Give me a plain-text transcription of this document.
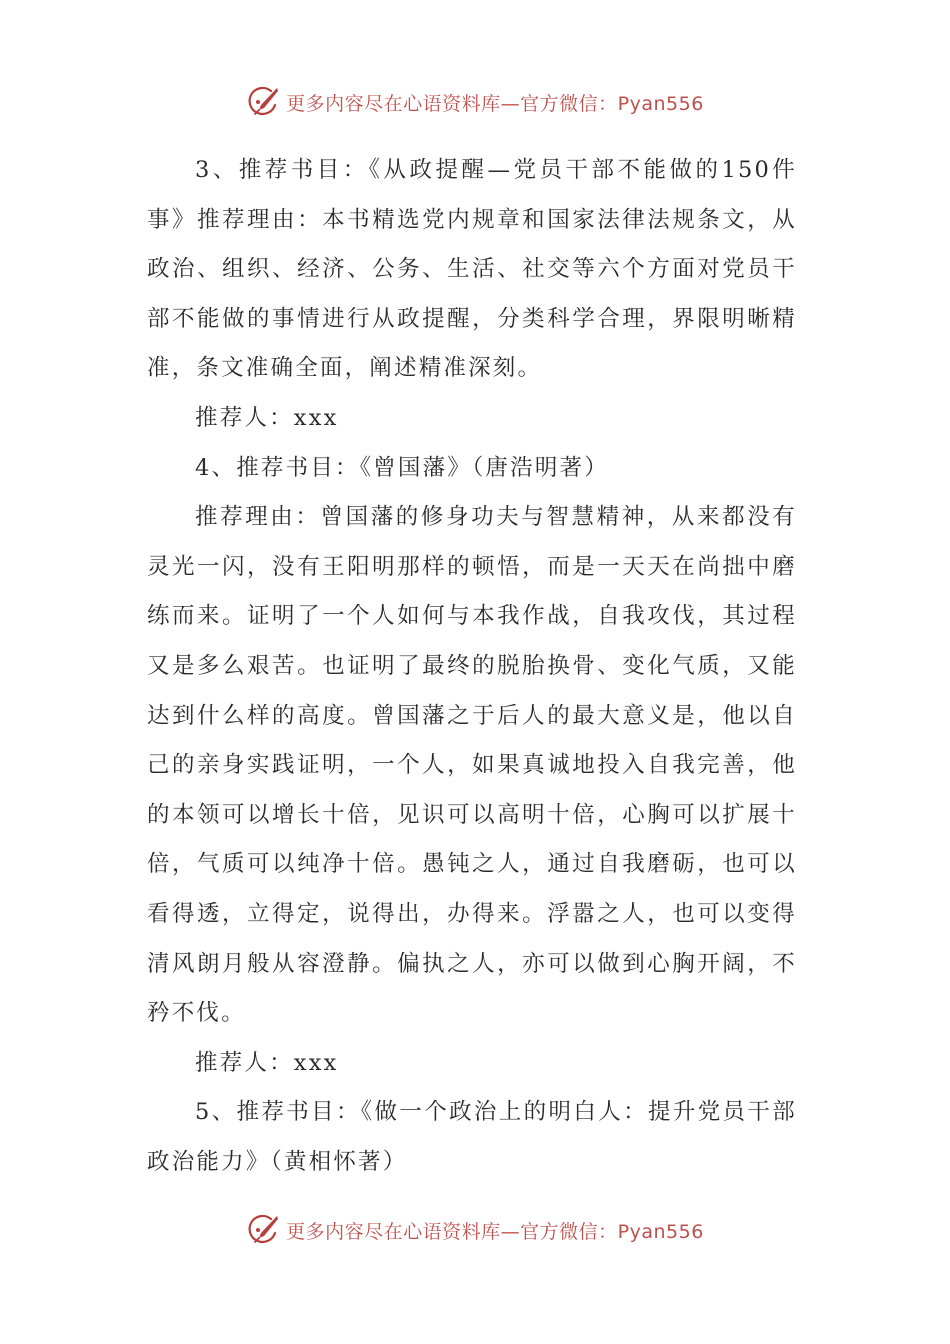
更多内容尽在心语资料库—官方微信：Pyan556

3、推荐书目：《从政提醒—党员干部不能做的150件事》推荐理由：本书精选党内规章和国家法律法规条文，从政治、组织、经济、公务、生活、社交等六个方面对党员干部不能做的事情进行从政提醒，分类科学合理，界限明晰精准，条文准确全面，阐述精准深刻。

推荐人：xxx

4、推荐书目：《曾国藩》（唐浩明著）

推荐理由：曾国藩的修身功夫与智慧精神，从来都没有灵光一闪，没有王阳明那样的顿悟，而是一天天在尚拙中磨练而来。证明了一个人如何与本我作战，自我攻伐，其过程又是多么艰苦。也证明了最终的脱胎换骨、变化气质，又能达到什么样的高度。曾国藩之于后人的最大意义是，他以自己的亲身实践证明，一个人，如果真诚地投入自我完善，他的本领可以增长十倍，见识可以高明十倍，心胸可以扩展十倍，气质可以纯净十倍。愚钝之人，通过自我磨砺，也可以看得透，立得定，说得出，办得来。浮嚣之人，也可以变得清风朗月般从容澄静。偏执之人，亦可以做到心胸开阔，不矜不伐。

推荐人：xxx

5、推荐书目：《做一个政治上的明白人：提升党员干部政治能力》（黄相怀著）

更多内容尽在心语资料库—官方微信：Pyan556
